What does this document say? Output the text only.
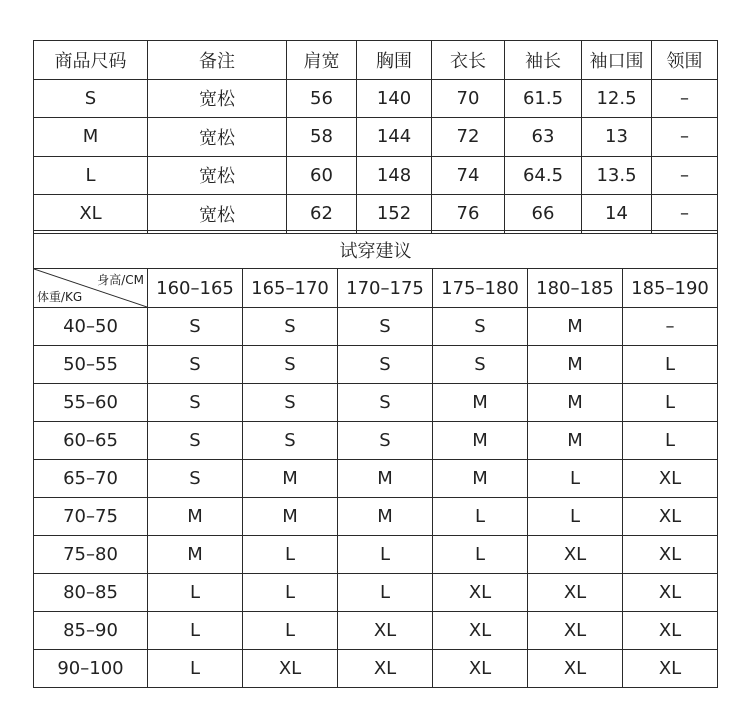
商品尺码	备注	肩宽	胸围	衣长	袖长	袖口围	领围
S	宽松	56	140	70	61.5	12.5	–
M	宽松	58	144	72	63	13	–
L	宽松	60	148	74	64.5	13.5	–
XL	宽松	62	152	76	66	14	–
试穿建议						

身高/CM
体重/KG	160–165	165–170	170–175	175–180	180–185	185–190
40–50	S	S	S	S	M	–
50–55	S	S	S	S	M	L
55–60	S	S	S	M	M	L
60–65	S	S	S	M	M	L
65–70	S	M	M	M	L	XL
70–75	M	M	M	L	L	XL
75–80	M	L	L	L	XL	XL
80–85	L	L	L	XL	XL	XL
85–90	L	L	XL	XL	XL	XL
90–100	L	XL	XL	XL	XL	XL
